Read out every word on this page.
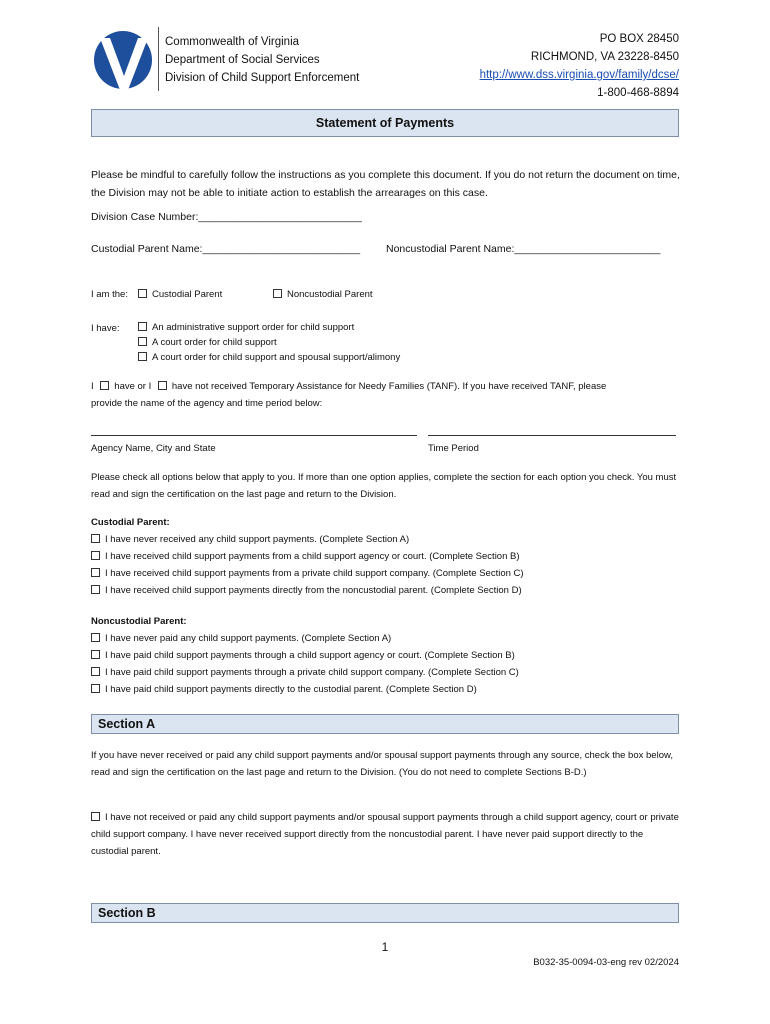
Commonwealth of Virginia
Department of Social Services
Division of Child Support Enforcement
PO BOX 28450
RICHMOND, VA 23228-8450
http://www.dss.virginia.gov/family/dcse/
1-800-468-8894
Statement of Payments
Please be mindful to carefully follow the instructions as you complete this document. If you do not return the document on time, the Division may not be able to initiate action to establish the arrearages on this case.
Division Case Number:____________________________
Custodial Parent Name:___________________________ Noncustodial Parent Name:_________________________
I am the:	Custodial Parent	Noncustodial Parent
I have:	An administrative support order for child support
A court order for child support
A court order for child support and spousal support/alimony
I have or I have not received Temporary Assistance for Needy Families (TANF). If you have received TANF, please
provide the name of the agency and time period below:
Agency Name, City and State	Time Period
Please check all options below that apply to you. If more than one option applies, complete the section for each option you check. You must read and sign the certification on the last page and return to the Division.
Custodial Parent:
I have never received any child support payments. (Complete Section A)
I have received child support payments from a child support agency or court. (Complete Section B)
I have received child support payments from a private child support company. (Complete Section C)
I have received child support payments directly from the noncustodial parent. (Complete Section D)
Noncustodial Parent:
I have never paid any child support payments. (Complete Section A)
I have paid child support payments through a child support agency or court. (Complete Section B)
I have paid child support payments through a private child support company. (Complete Section C)
I have paid child support payments directly to the custodial parent. (Complete Section D)
Section A
If you have never received or paid any child support payments and/or spousal support payments through any source, check the box below, read and sign the certification on the last page and return to the Division. (You do not need to complete Sections B-D.)
I have not received or paid any child support payments and/or spousal support payments through a child support agency, court or private child support company. I have never received support directly from the noncustodial parent. I have never paid support directly to the custodial parent.
Section B
1
B032-35-0094-03-eng rev 02/2024
